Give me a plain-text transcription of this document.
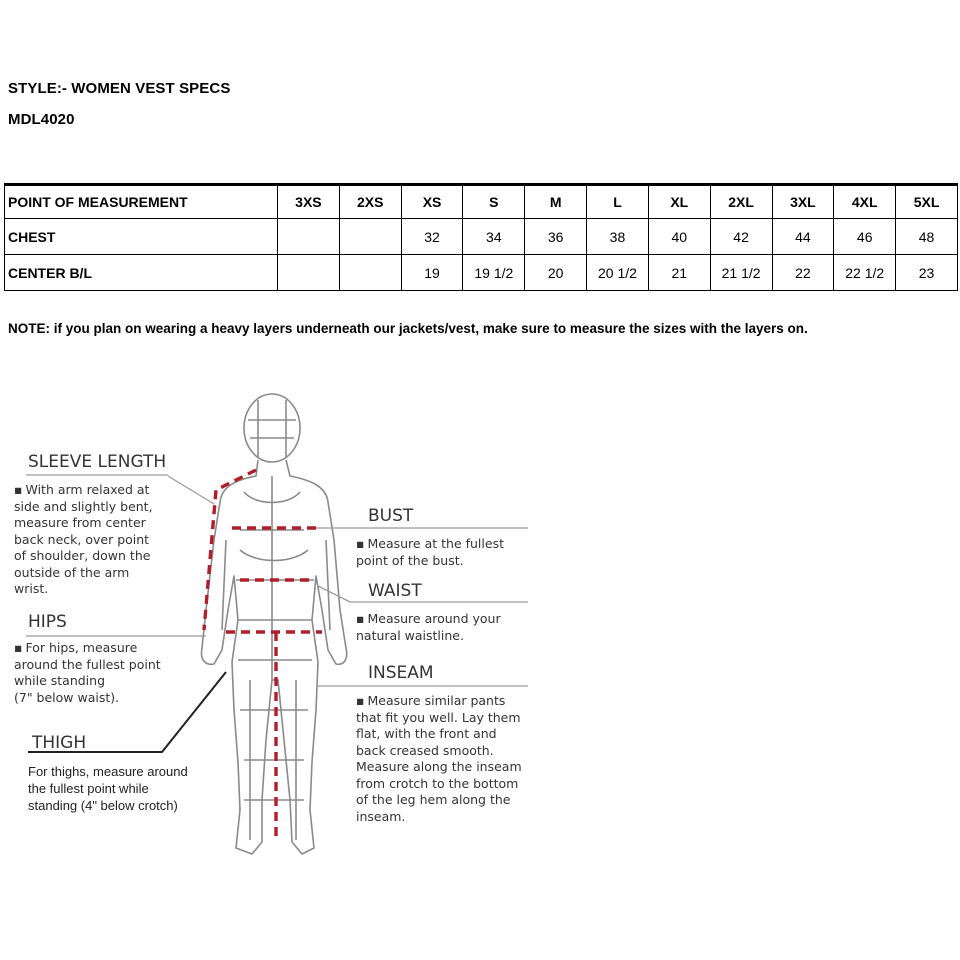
STYLE:- WOMEN VEST SPECS
MDL4020
POINT OF MEASUREMENT	3XS	2XS	XS	S	M	L	XL	2XL	3XL	4XL	5XL
CHEST			32	34	36	38	40	42	44	46	48
CENTER B/L			19	19 1/2	20	20 1/2	21	21 1/2	22	22 1/2	23
NOTE: if you plan on wearing a heavy layers underneath our jackets/vest, make sure to measure the sizes with the layers on.
SLEEVE LENGTH
▪ With arm relaxed at
side and slightly bent,
measure from center
back neck, over point
of shoulder, down the
outside of the arm
wrist.
HIPS
▪ For hips, measure
around the fullest point
while standing
(7" below waist).
THIGH
For thighs, measure around
the fullest point while
standing (4" below crotch)
BUST
▪ Measure at the fullest
point of the bust.
WAIST
▪ Measure around your
natural waistline.
INSEAM
▪ Measure similar pants
that fit you well. Lay them
flat, with the front and
back creased smooth.
Measure along the inseam
from crotch to the bottom
of the leg hem along the
inseam.
